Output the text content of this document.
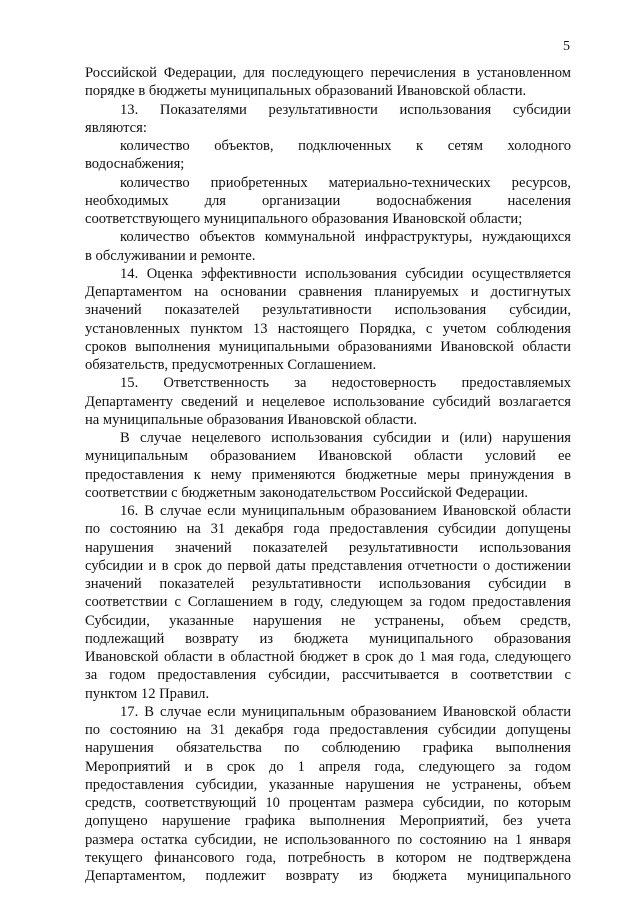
5
Российской Федерации, для последующего перечисления в установленном
порядке в бюджеты муниципальных образований Ивановской области.
13. Показателями результативности использования субсидии
являются:
количество объектов, подключенных к сетям холодного
водоснабжения;
количество приобретенных материально-технических ресурсов,
необходимых для организации водоснабжения населения
соответствующего муниципального образования Ивановской области;
количество объектов коммунальной инфраструктуры, нуждающихся
в обслуживании и ремонте.
14. Оценка эффективности использования субсидии осуществляется
Департаментом на основании сравнения планируемых и достигнутых
значений показателей результативности использования субсидии,
установленных пунктом 13 настоящего Порядка, с учетом соблюдения
сроков выполнения муниципальными образованиями Ивановской области
обязательств, предусмотренных Соглашением.
15. Ответственность за недостоверность предоставляемых
Департаменту сведений и нецелевое использование субсидий возлагается
на муниципальные образования Ивановской области.
В случае нецелевого использования субсидии и (или) нарушения
муниципальным образованием Ивановской области условий ее
предоставления к нему применяются бюджетные меры принуждения в
соответствии с бюджетным законодательством Российской Федерации.
16. В случае если муниципальным образованием Ивановской области
по состоянию на 31 декабря года предоставления субсидии допущены
нарушения значений показателей результативности использования
субсидии и в срок до первой даты представления отчетности о достижении
значений показателей результативности использования субсидии в
соответствии с Соглашением в году, следующем за годом предоставления
Субсидии, указанные нарушения не устранены, объем средств,
подлежащий возврату из бюджета муниципального образования
Ивановской области в областной бюджет в срок до 1 мая года, следующего
за годом предоставления субсидии, рассчитывается в соответствии с
пунктом 12 Правил.
17. В случае если муниципальным образованием Ивановской области
по состоянию на 31 декабря года предоставления субсидии допущены
нарушения обязательства по соблюдению графика выполнения
Мероприятий и в срок до 1 апреля года, следующего за годом
предоставления субсидии, указанные нарушения не устранены, объем
средств, соответствующий 10 процентам размера субсидии, по которым
допущено нарушение графика выполнения Мероприятий, без учета
размера остатка субсидии, не использованного по состоянию на 1 января
текущего финансового года, потребность в котором не подтверждена
Департаментом, подлежит возврату из бюджета муниципального
